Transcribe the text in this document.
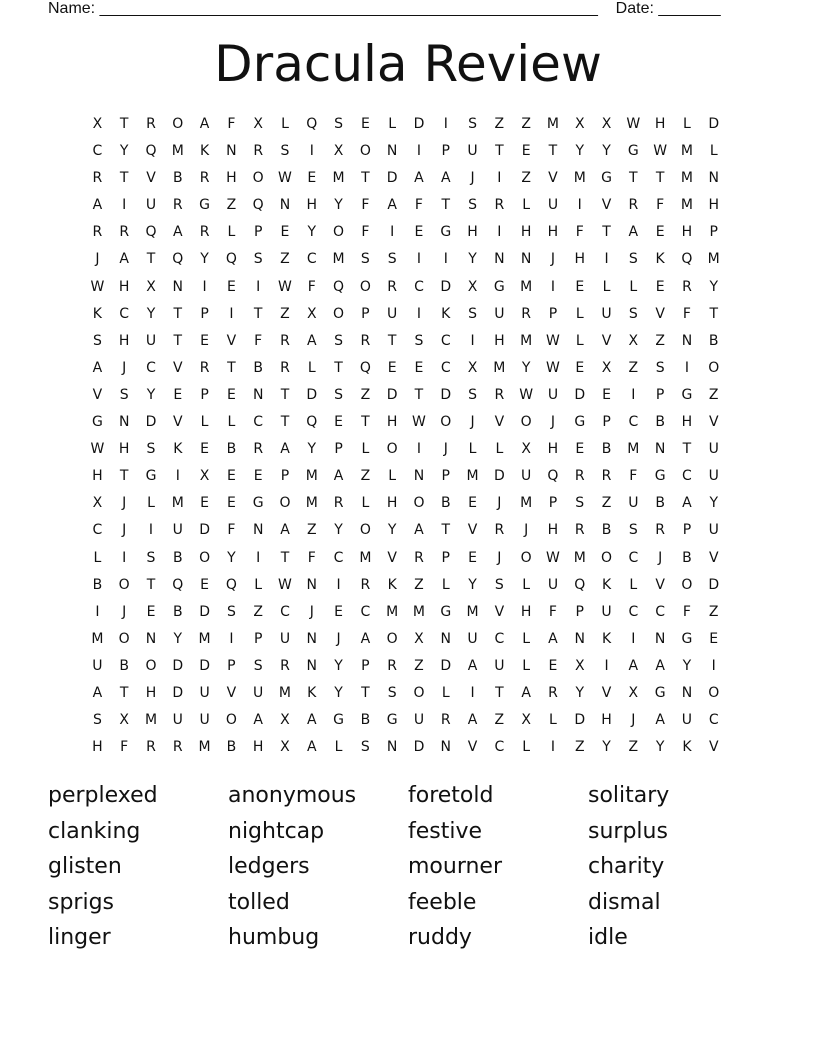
Name: ________________________________________________________    Date: _______
Dracula Review
X	T	R	O	A	F	X	L	Q	S	E	L	D	I	S	Z	Z	M	X	X	W	H	L	D
C	Y	Q	M	K	N	R	S	I	X	O	N	I	P	U	T	E	T	Y	Y	G	W M	L
R	T	V	B	R	H	O	W	E	M	T	D	A	A	J	I	Z	V	M	G	T	T	M	N
A	I	U	R	G	Z	Q	N	H	Y	F	A	F	T	S	R	L	U	I	V	R	F	M	H
R	R	Q	A	R	L	P	E	Y	O	F	I	E	G	H	I	H	H	F	T	A	E	H	P
J	A	T	Q	Y	Q	S	Z	C	M	S	S	I	I	Y	N	N	J	H	I	S	K	Q	M
W	H	X	N	I	E	I	W	F	Q	O	R	C	D	X	G	M	I	E	L	L	E	R	Y
K	C	Y	T	P	I	T	Z	X	O	P	U	I	K	S	U	R	P	L	U	S	V	F	T
S	H	U	T	E	V	F	R	A	S	R	T	S	C	I	H	M W	L	V	X	Z	N	B
A	J	C	V	R	T	B	R	L	T	Q	E	E	C	X	M	Y	W	E	X	Z	S	I	O
V	S	Y	E	P	E	N	T	D	S	Z	D	T	D	S	R	W	U	D	E	I	P	G	Z
G	N	D	V	L	L	C	T	Q	E	T	H	W	O	J	V	O	J	G	P	C	B	H	V
W	H	S	K	E	B	R	A	Y	P	L	O	I	J	L	L	X	H	E	B	M	N	T	U
H	T	G	I	X	E	E	P	M	A	Z	L	N	P	M	D	U	Q	R	R	F	G	C	U
X	J	L	M	E	E	G	O	M	R	L	H	O	B	E	J	M	P	S	Z	U	B	A	Y
C	J	I	U	D	F	N	A	Z	Y	O	Y	A	T	V	R	J	H	R	B	S	R	P	U
L	I	S	B	O	Y	I	T	F	C	M	V	R	P	E	J	O	W M	O	C	J	B	V
B	O	T	Q	E	Q	L	W	N	I	R	K	Z	L	Y	S	L	U	Q	K	L	V	O	D
I	J	E	B	D	S	Z	C	J	E	C	M	M	G	M	V	H	F	P	U	C	C	F	Z
M	O	N	Y	M	I	P	U	N	J	A	O	X	N	U	C	L	A	N	K	I	N	G	E
U	B	O	D	D	P	S	R	N	Y	P	R	Z	D	A	U	L	E	X	I	A	A	Y	I
A	T	H	D	U	V	U	M	K	Y	T	S	O	L	I	T	A	R	Y	V	X	G	N	O
S	X	M	U	U	O	A	X	A	G	B	G	U	R	A	Z	X	L	D	H	J	A	U	C
H	F	R	R	M	B	H	X	A	L	S	N	D	N	V	C	L	I	Z	Y	Z	Y	K	V
perplexed	anonymous	foretold	solitary
clanking	nightcap	festive	surplus
glisten	ledgers	mourner	charity
sprigs	tolled	feeble	dismal
linger	humbug	ruddy	idle
